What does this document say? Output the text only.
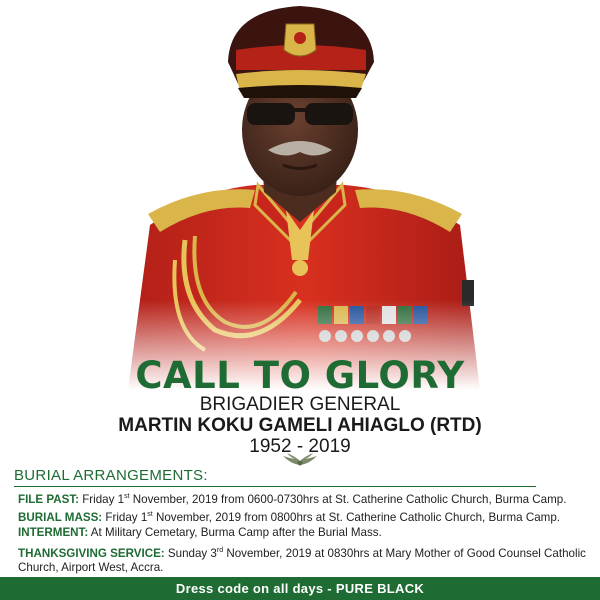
CALL TO GLORY
BRIGADIER GENERAL
MARTIN KOKU GAMELI AHIAGLO (RTD)
1952 - 2019
BURIAL ARRANGEMENTS:
FILE PAST: Friday 1st November, 2019 from 0600-0730hrs at St. Catherine Catholic Church, Burma Camp.
BURIAL MASS: Friday 1st November, 2019 from 0800hrs at St. Catherine Catholic Church, Burma Camp.
INTERMENT: At Military Cemetary, Burma Camp after the Burial Mass.
THANKSGIVING SERVICE: Sunday 3rd November, 2019 at 0830hrs at Mary Mother of Good Counsel Catholic
Church, Airport West, Accra.
Dress code on all days - PURE BLACK
